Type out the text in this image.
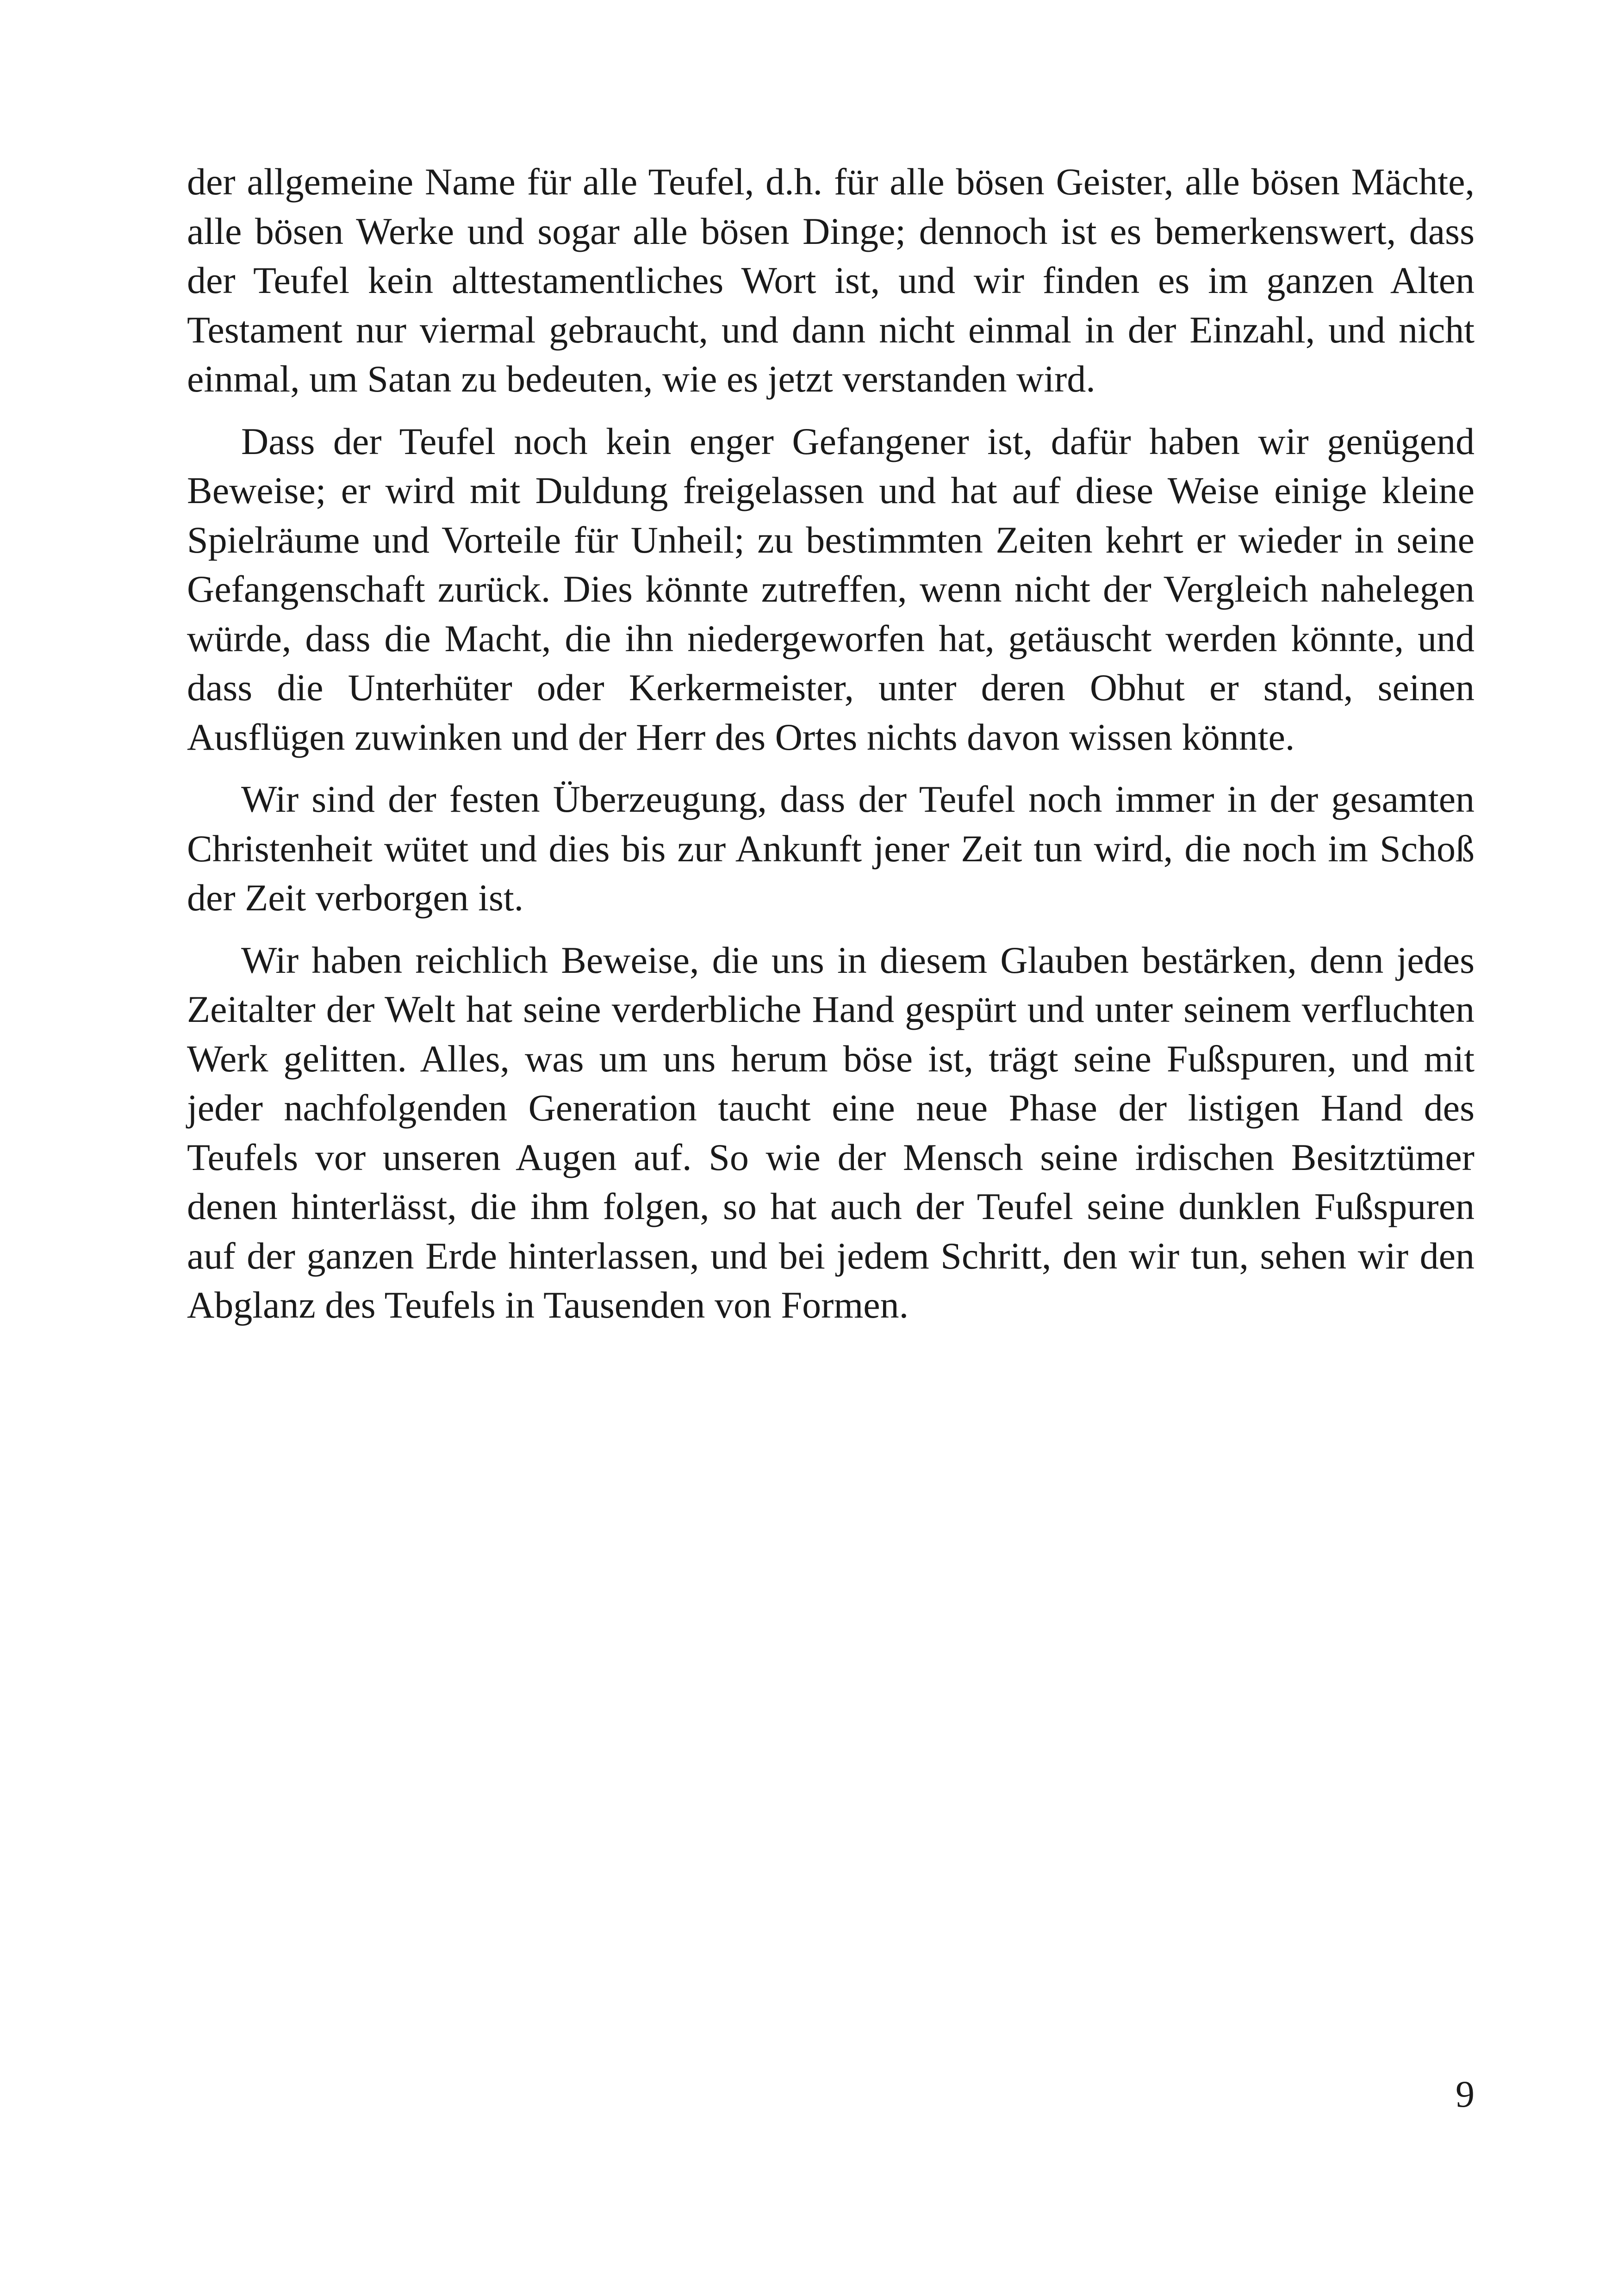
der allgemeine Name für alle Teufel, d.h. für alle bösen Geister, alle bösen Mächte, alle bösen Werke und sogar alle bösen Dinge; dennoch ist es bemerkenswert, dass der Teufel kein alttestamentliches Wort ist, und wir finden es im ganzen Alten Testament nur viermal gebraucht, und dann nicht einmal in der Einzahl, und nicht einmal, um Satan zu bedeuten, wie es jetzt verstanden wird.

Dass der Teufel noch kein enger Gefangener ist, dafür haben wir genügend Beweise; er wird mit Duldung freigelassen und hat auf diese Weise einige kleine Spielräume und Vorteile für Unheil; zu bestimmten Zeiten kehrt er wieder in seine Gefangenschaft zurück. Dies könnte zutreffen, wenn nicht der Vergleich nahelegen würde, dass die Macht, die ihn niedergeworfen hat, getäuscht werden könnte, und dass die Unterhüter oder Kerkermeister, unter deren Obhut er stand, seinen Ausflügen zuwinken und der Herr des Ortes nichts davon wissen könnte.

Wir sind der festen Überzeugung, dass der Teufel noch immer in der gesamten Christenheit wütet und dies bis zur Ankunft jener Zeit tun wird, die noch im Schoß der Zeit verborgen ist.

Wir haben reichlich Beweise, die uns in diesem Glauben bestärken, denn jedes Zeitalter der Welt hat seine verderbliche Hand gespürt und unter seinem verfluchten Werk gelitten. Alles, was um uns herum böse ist, trägt seine Fußspuren, und mit jeder nachfolgenden Generation taucht eine neue Phase der listigen Hand des Teufels vor unseren Augen auf. So wie der Mensch seine irdischen Besitztümer denen hinterlässt, die ihm folgen, so hat auch der Teufel seine dunklen Fußspuren auf der ganzen Erde hinterlassen, und bei jedem Schritt, den wir tun, sehen wir den Abglanz des Teufels in Tausenden von Formen.

9
